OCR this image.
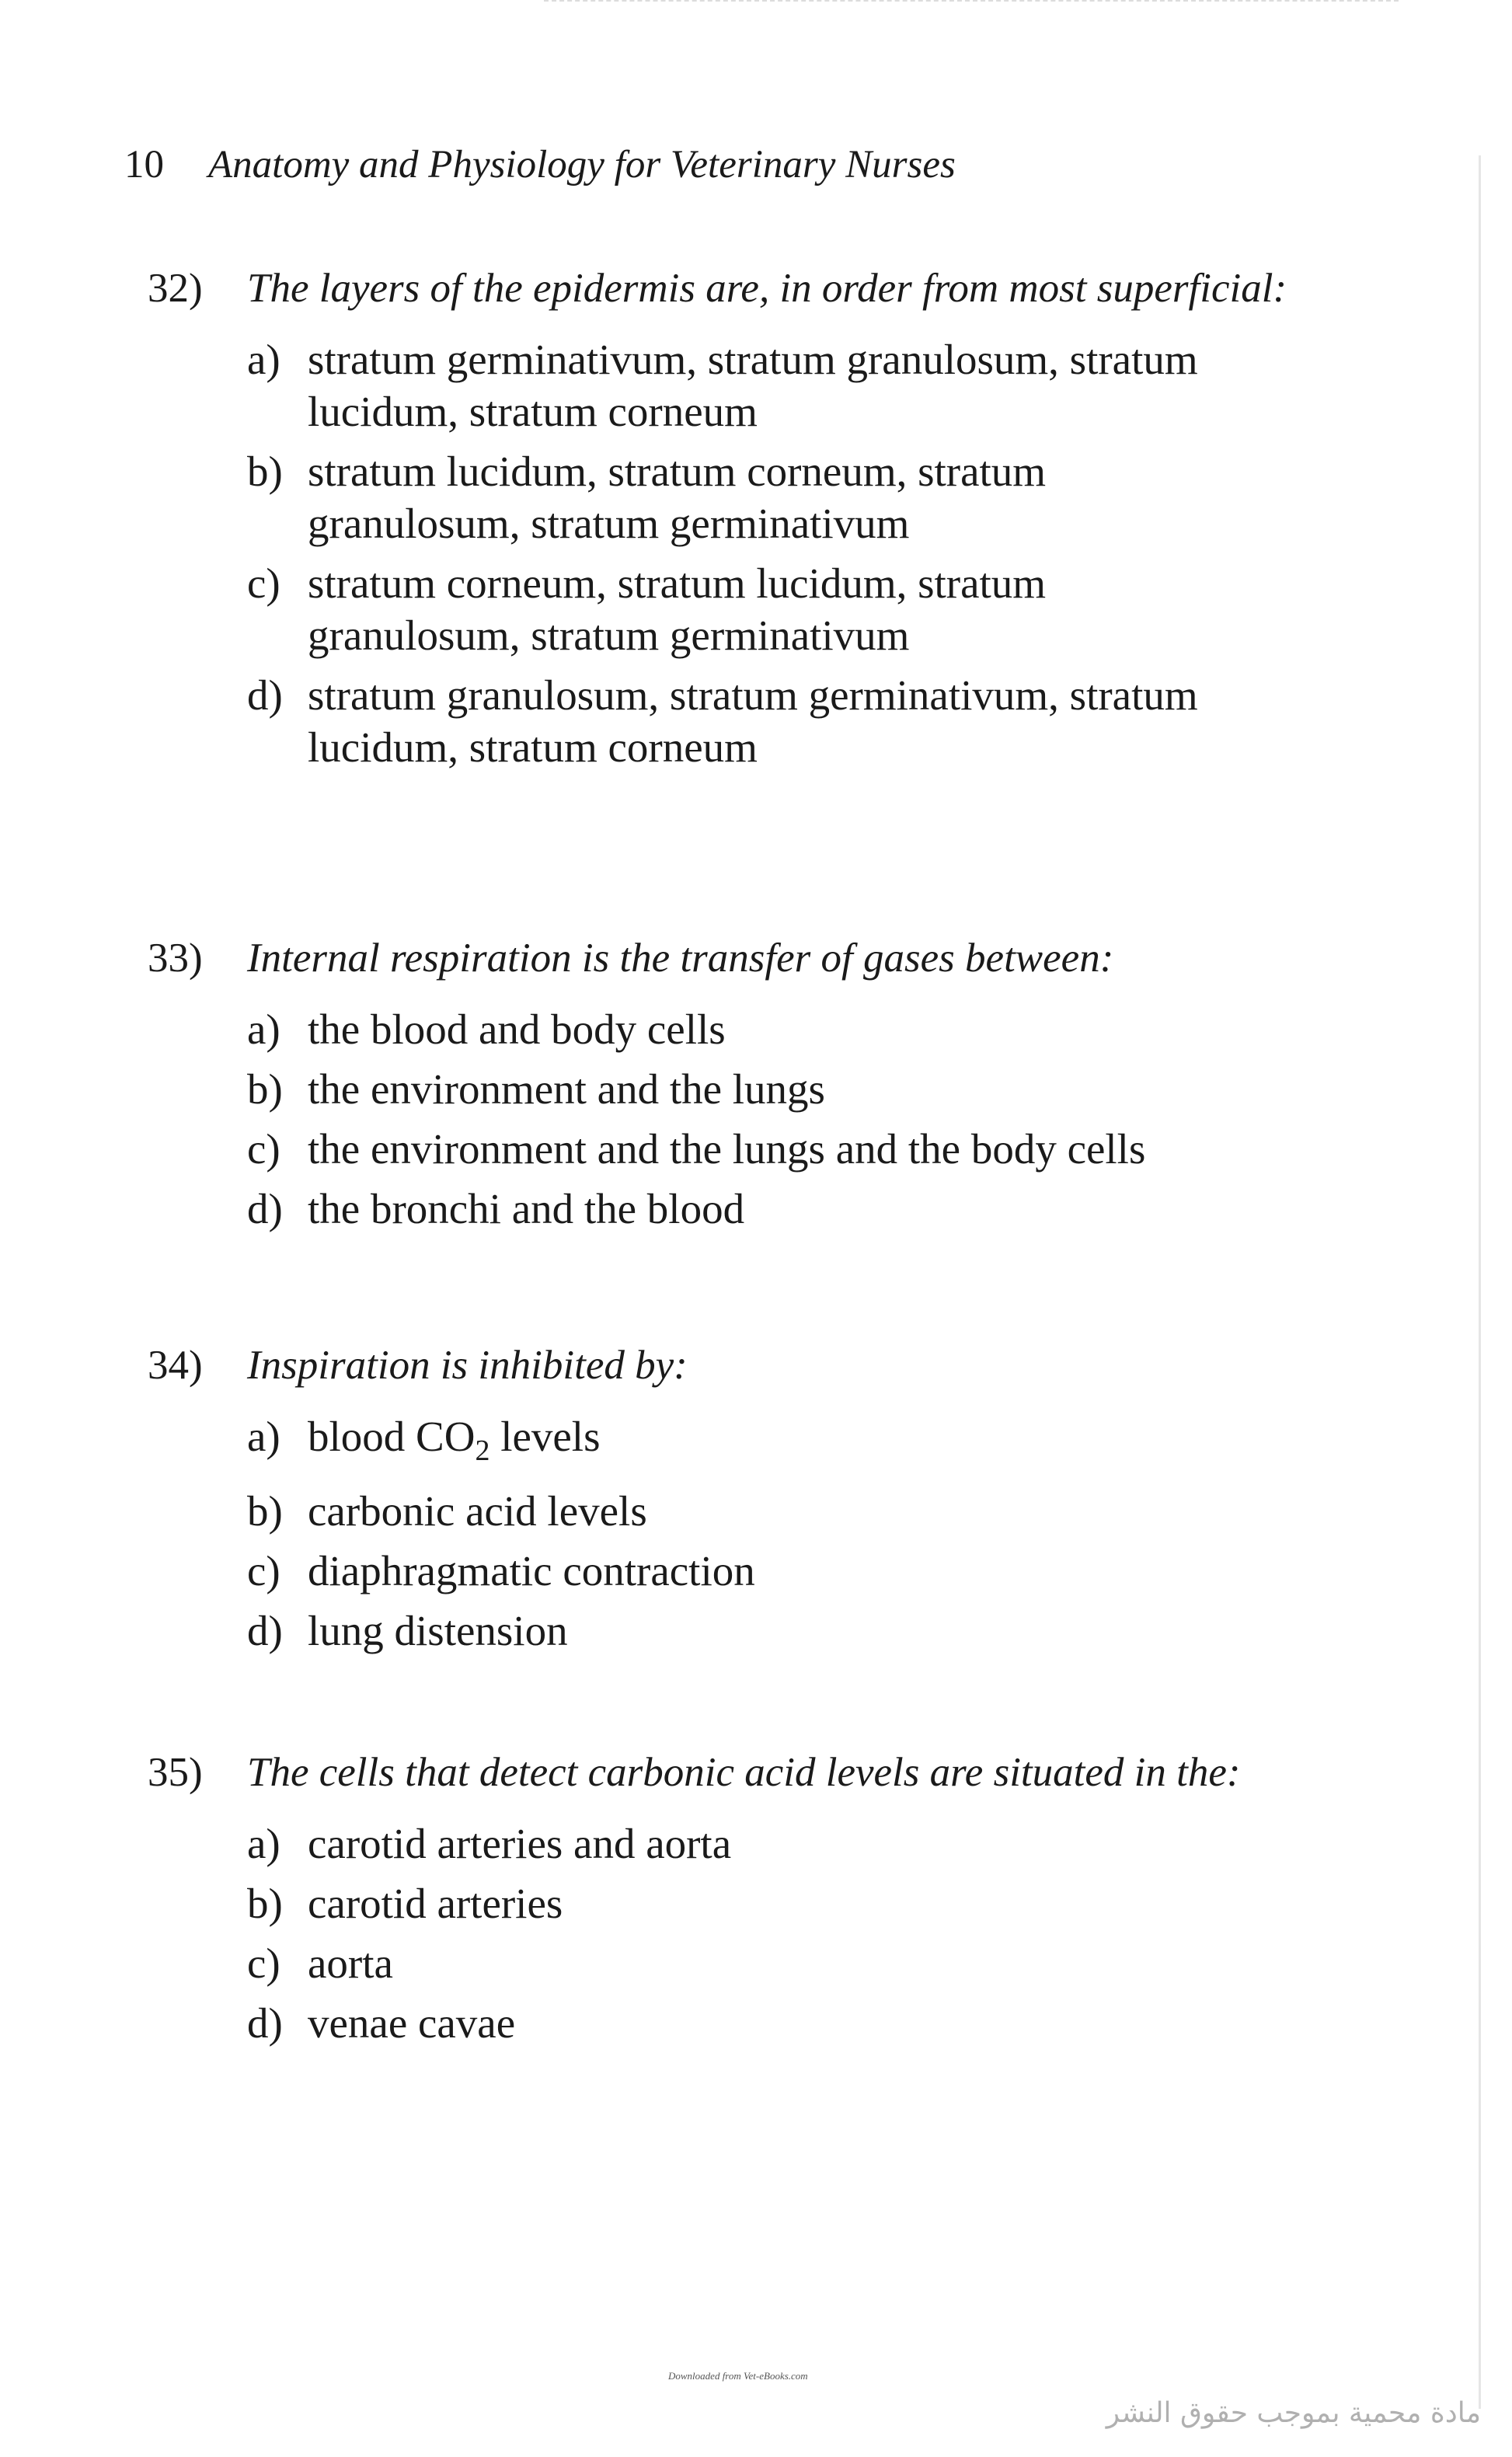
10 Anatomy and Physiology for Veterinary Nurses
32)	The layers of the epidermis are, in order from most superficial:
a) stratum germinativum, stratum granulosum, stratum lucidum, stratum corneum
b) stratum lucidum, stratum corneum, stratum granulosum, stratum germinativum
c) stratum corneum, stratum lucidum, stratum granulosum, stratum germinativum
d) stratum granulosum, stratum germinativum, stratum lucidum, stratum corneum
33)	Internal respiration is the transfer of gases between:
a) the blood and body cells
b) the environment and the lungs
c) the environment and the lungs and the body cells
d) the bronchi and the blood
34)	Inspiration is inhibited by:
a) blood $CO_2$ levels
b) carbonic acid levels
c) diaphragmatic contraction
d) lung distension
35)	The cells that detect carbonic acid levels are situated in the:
a) carotid arteries and aorta
b) carotid arteries
c) aorta
d) venae cavae
Downloaded from Vet-eBooks.com
مادة محمية بموجب حقوق النشر
